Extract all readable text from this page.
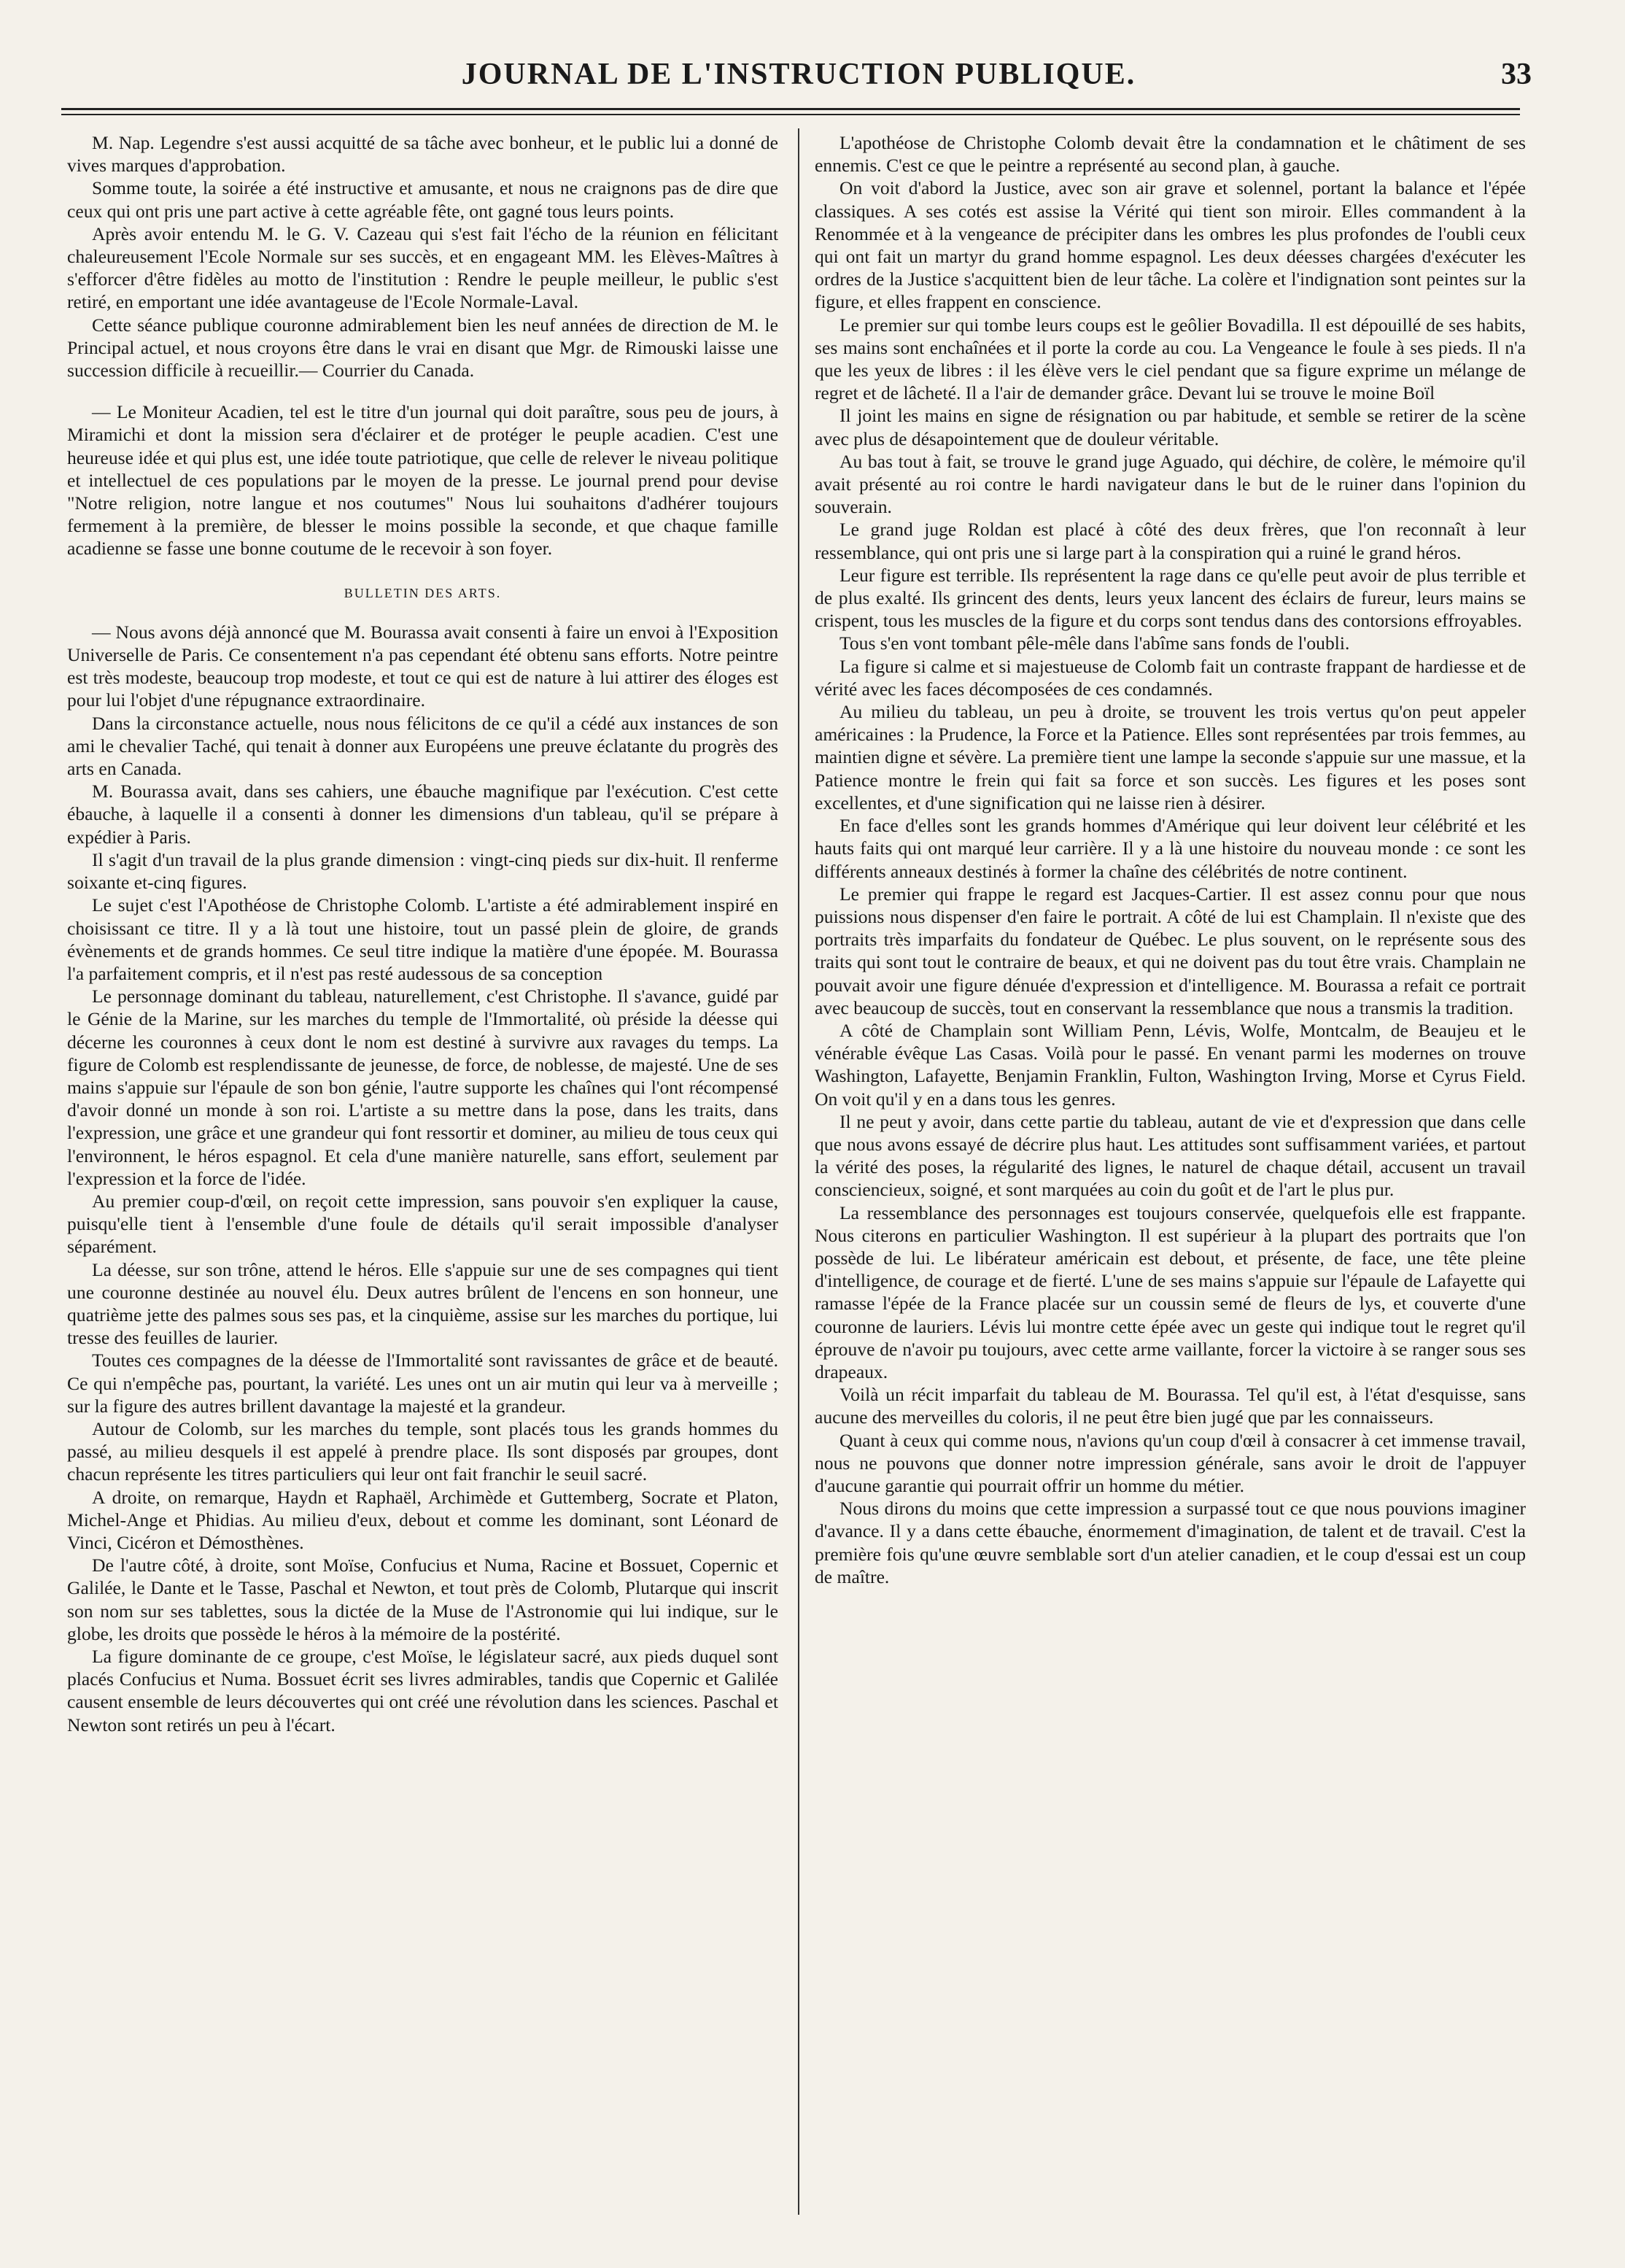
JOURNAL DE L'INSTRUCTION PUBLIQUE.	33

M. Nap. Legendre s'est aussi acquitté de sa tâche avec bonheur, et le public lui a donné de vives marques d'approbation.

Somme toute, la soirée a été instructive et amusante, et nous ne craignons pas de dire que ceux qui ont pris une part active à cette agréable fête, ont gagné tous leurs points.

Après avoir entendu M. le G. V. Cazeau qui s'est fait l'écho de la réunion en félicitant chaleureusement l'Ecole Normale sur ses succès, et en engageant MM. les Elèves-Maîtres à s'efforcer d'être fidèles au motto de l'institution : Rendre le peuple meilleur, le public s'est retiré, en emportant une idée avantageuse de l'Ecole Normale-Laval.

Cette séance publique couronne admirablement bien les neuf années de direction de M. le Principal actuel, et nous croyons être dans le vrai en disant que Mgr. de Rimouski laisse une succession difficile à recueillir.— Courrier du Canada.

— Le Moniteur Acadien, tel est le titre d'un journal qui doit paraître, sous peu de jours, à Miramichi et dont la mission sera d'éclairer et de protéger le peuple acadien. C'est une heureuse idée et qui plus est, une idée toute patriotique, que celle de relever le niveau politique et intellectuel de ces populations par le moyen de la presse. Le journal prend pour devise "Notre religion, notre langue et nos coutumes" Nous lui souhaitons d'adhérer toujours fermement à la première, de blesser le moins possible la seconde, et que chaque famille acadienne se fasse une bonne coutume de le recevoir à son foyer.

BULLETIN DES ARTS.

— Nous avons déjà annoncé que M. Bourassa avait consenti à faire un envoi à l'Exposition Universelle de Paris. Ce consentement n'a pas cependant été obtenu sans efforts. Notre peintre est très modeste, beaucoup trop modeste, et tout ce qui est de nature à lui attirer des éloges est pour lui l'objet d'une répugnance extraordinaire.

Dans la circonstance actuelle, nous nous félicitons de ce qu'il a cédé aux instances de son ami le chevalier Taché, qui tenait à donner aux Européens une preuve éclatante du progrès des arts en Canada.

M. Bourassa avait, dans ses cahiers, une ébauche magnifique par l'exécution. C'est cette ébauche, à laquelle il a consenti à donner les dimensions d'un tableau, qu'il se prépare à expédier à Paris.

Il s'agit d'un travail de la plus grande dimension : vingt-cinq pieds sur dix-huit. Il renferme soixante et-cinq figures.

Le sujet c'est l'Apothéose de Christophe Colomb. L'artiste a été admirablement inspiré en choisissant ce titre. Il y a là tout une histoire, tout un passé plein de gloire, de grands évènements et de grands hommes. Ce seul titre indique la matière d'une épopée. M. Bourassa l'a parfaitement compris, et il n'est pas resté audessous de sa conception

Le personnage dominant du tableau, naturellement, c'est Christophe. Il s'avance, guidé par le Génie de la Marine, sur les marches du temple de l'Immortalité, où préside la déesse qui décerne les couronnes à ceux dont le nom est destiné à survivre aux ravages du temps. La figure de Colomb est resplendissante de jeunesse, de force, de noblesse, de majesté. Une de ses mains s'appuie sur l'épaule de son bon génie, l'autre supporte les chaînes qui l'ont récompensé d'avoir donné un monde à son roi. L'artiste a su mettre dans la pose, dans les traits, dans l'expression, une grâce et une grandeur qui font ressortir et dominer, au milieu de tous ceux qui l'environnent, le héros espagnol. Et cela d'une manière naturelle, sans effort, seulement par l'expression et la force de l'idée.

Au premier coup-d'œil, on reçoit cette impression, sans pouvoir s'en expliquer la cause, puisqu'elle tient à l'ensemble d'une foule de détails qu'il serait impossible d'analyser séparément.

La déesse, sur son trône, attend le héros. Elle s'appuie sur une de ses compagnes qui tient une couronne destinée au nouvel élu. Deux autres brûlent de l'encens en son honneur, une quatrième jette des palmes sous ses pas, et la cinquième, assise sur les marches du portique, lui tresse des feuilles de laurier.

Toutes ces compagnes de la déesse de l'Immortalité sont ravissantes de grâce et de beauté. Ce qui n'empêche pas, pourtant, la variété. Les unes ont un air mutin qui leur va à merveille ; sur la figure des autres brillent davantage la majesté et la grandeur.

Autour de Colomb, sur les marches du temple, sont placés tous les grands hommes du passé, au milieu desquels il est appelé à prendre place. Ils sont disposés par groupes, dont chacun représente les titres particuliers qui leur ont fait franchir le seuil sacré.

A droite, on remarque, Haydn et Raphaël, Archimède et Guttemberg, Socrate et Platon, Michel-Ange et Phidias. Au milieu d'eux, debout et comme les dominant, sont Léonard de Vinci, Cicéron et Démosthènes.

De l'autre côté, à droite, sont Moïse, Confucius et Numa, Racine et Bossuet, Copernic et Galilée, le Dante et le Tasse, Paschal et Newton, et tout près de Colomb, Plutarque qui inscrit son nom sur ses tablettes, sous la dictée de la Muse de l'Astronomie qui lui indique, sur le globe, les droits que possède le héros à la mémoire de la postérité.

La figure dominante de ce groupe, c'est Moïse, le législateur sacré, aux pieds duquel sont placés Confucius et Numa. Bossuet écrit ses livres admirables, tandis que Copernic et Galilée causent ensemble de leurs découvertes qui ont créé une révolution dans les sciences. Paschal et Newton sont retirés un peu à l'écart.

L'apothéose de Christophe Colomb devait être la condamnation et le châtiment de ses ennemis. C'est ce que le peintre a représenté au second plan, à gauche.

On voit d'abord la Justice, avec son air grave et solennel, portant la balance et l'épée classiques. A ses cotés est assise la Vérité qui tient son miroir. Elles commandent à la Renommée et à la vengeance de précipiter dans les ombres les plus profondes de l'oubli ceux qui ont fait un martyr du grand homme espagnol. Les deux déesses chargées d'exécuter les ordres de la Justice s'acquittent bien de leur tâche. La colère et l'indignation sont peintes sur la figure, et elles frappent en conscience.

Le premier sur qui tombe leurs coups est le geôlier Bovadilla. Il est dépouillé de ses habits, ses mains sont enchaînées et il porte la corde au cou. La Vengeance le foule à ses pieds. Il n'a que les yeux de libres : il les élève vers le ciel pendant que sa figure exprime un mélange de regret et de lâcheté. Il a l'air de demander grâce. Devant lui se trouve le moine Boïl

Il joint les mains en signe de résignation ou par habitude, et semble se retirer de la scène avec plus de désapointement que de douleur véritable.

Au bas tout à fait, se trouve le grand juge Aguado, qui déchire, de colère, le mémoire qu'il avait présenté au roi contre le hardi navigateur dans le but de le ruiner dans l'opinion du souverain.

Le grand juge Roldan est placé à côté des deux frères, que l'on reconnaît à leur ressemblance, qui ont pris une si large part à la conspiration qui a ruiné le grand héros.

Leur figure est terrible. Ils représentent la rage dans ce qu'elle peut avoir de plus terrible et de plus exalté. Ils grincent des dents, leurs yeux lancent des éclairs de fureur, leurs mains se crispent, tous les muscles de la figure et du corps sont tendus dans des contorsions effroyables.

Tous s'en vont tombant pêle-mêle dans l'abîme sans fonds de l'oubli.

La figure si calme et si majestueuse de Colomb fait un contraste frappant de hardiesse et de vérité avec les faces décomposées de ces condamnés.

Au milieu du tableau, un peu à droite, se trouvent les trois vertus qu'on peut appeler américaines : la Prudence, la Force et la Patience. Elles sont représentées par trois femmes, au maintien digne et sévère. La première tient une lampe la seconde s'appuie sur une massue, et la Patience montre le frein qui fait sa force et son succès. Les figures et les poses sont excellentes, et d'une signification qui ne laisse rien à désirer.

En face d'elles sont les grands hommes d'Amérique qui leur doivent leur célébrité et les hauts faits qui ont marqué leur carrière. Il y a là une histoire du nouveau monde : ce sont les différents anneaux destinés à former la chaîne des célébrités de notre continent.

Le premier qui frappe le regard est Jacques-Cartier. Il est assez connu pour que nous puissions nous dispenser d'en faire le portrait. A côté de lui est Champlain. Il n'existe que des portraits très imparfaits du fondateur de Québec. Le plus souvent, on le représente sous des traits qui sont tout le contraire de beaux, et qui ne doivent pas du tout être vrais. Champlain ne pouvait avoir une figure dénuée d'expression et d'intelligence. M. Bourassa a refait ce portrait avec beaucoup de succès, tout en conservant la ressemblance que nous a transmis la tradition.

A côté de Champlain sont William Penn, Lévis, Wolfe, Montcalm, de Beaujeu et le vénérable évêque Las Casas. Voilà pour le passé. En venant parmi les modernes on trouve Washington, Lafayette, Benjamin Franklin, Fulton, Washington Irving, Morse et Cyrus Field. On voit qu'il y en a dans tous les genres.

Il ne peut y avoir, dans cette partie du tableau, autant de vie et d'expression que dans celle que nous avons essayé de décrire plus haut. Les attitudes sont suffisamment variées, et partout la vérité des poses, la régularité des lignes, le naturel de chaque détail, accusent un travail consciencieux, soigné, et sont marquées au coin du goût et de l'art le plus pur.

La ressemblance des personnages est toujours conservée, quelquefois elle est frappante. Nous citerons en particulier Washington. Il est supérieur à la plupart des portraits que l'on possède de lui. Le libérateur américain est debout, et présente, de face, une tête pleine d'intelligence, de courage et de fierté. L'une de ses mains s'appuie sur l'épaule de Lafayette qui ramasse l'épée de la France placée sur un coussin semé de fleurs de lys, et couverte d'une couronne de lauriers. Lévis lui montre cette épée avec un geste qui indique tout le regret qu'il éprouve de n'avoir pu toujours, avec cette arme vaillante, forcer la victoire à se ranger sous ses drapeaux.

Voilà un récit imparfait du tableau de M. Bourassa. Tel qu'il est, à l'état d'esquisse, sans aucune des merveilles du coloris, il ne peut être bien jugé que par les connaisseurs.

Quant à ceux qui comme nous, n'avions qu'un coup d'œil à consacrer à cet immense travail, nous ne pouvons que donner notre impression générale, sans avoir le droit de l'appuyer d'aucune garantie qui pourrait offrir un homme du métier.

Nous dirons du moins que cette impression a surpassé tout ce que nous pouvions imaginer d'avance. Il y a dans cette ébauche, énormement d'imagination, de talent et de travail. C'est la première fois qu'une œuvre semblable sort d'un atelier canadien, et le coup d'essai est un coup de maître.
